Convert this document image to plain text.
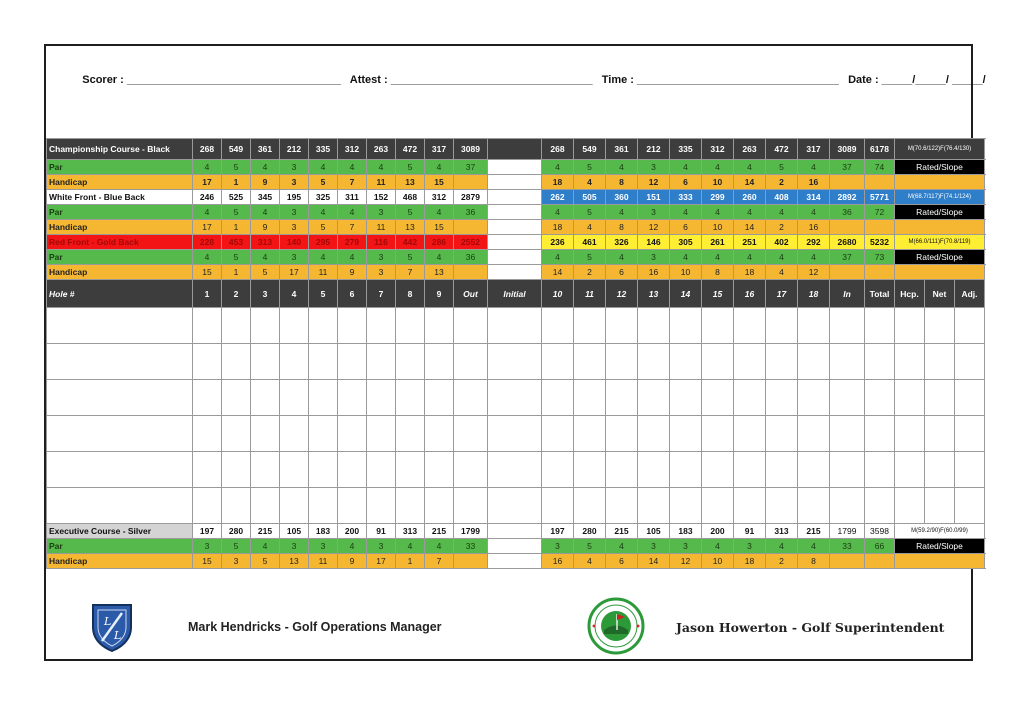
Scorer : ___________________________________ Attest : _________________________________ Time : _________________________________ Date : _____/_____/ _____/

Championship Course - Black	268	549	361	212	335	312	263	472	317	3089		268	549	361	212	335	312	263	472	317	3089	6178	M(70.6/122)F(76.4/130)		
Par	4	5	4	3	4	4	4	5	4	37		4	5	4	3	4	4	4	5	4	37	74	Rated/Slope		
Handicap	17	1	9	3	5	7	11	13	15			18	4	8	12	6	10	14	2	16					
White Front - Blue Back	246	525	345	195	325	311	152	468	312	2879		262	505	360	151	333	299	260	408	314	2892	5771	M(68.7/117)F(74.1/124)		
Par	4	5	4	3	4	4	3	5	4	36		4	5	4	3	4	4	4	4	4	36	72	Rated/Slope		
Handicap	17	1	9	3	5	7	11	13	15			18	4	8	12	6	10	14	2	16					
Red Front - Gold Back	228	453	313	140	295	279	116	442	286	2552		236	461	326	146	305	261	251	402	292	2680	5232	M(66.0/111)F(70.8/119)		
Par	4	5	4	3	4	4	3	5	4	36		4	5	4	3	4	4	4	4	4	37	73	Rated/Slope		
Handicap	15	1	5	17	11	9	3	7	13			14	2	6	16	10	8	18	4	12					
Hole #	1	2	3	4	5	6	7	8	9	Out	Initial	10	11	12	13	14	15	16	17	18	In	Total	Hcp.	Net	Adj.

Executive Course - Silver	197	280	215	105	183	200	91	313	215	1799		197	280	215	105	183	200	91	313	215	1799	3598	M(59.2/90)F(60.0/99)		
Par	3	5	4	3	3	4	3	4	4	33		3	5	4	3	3	4	3	4	4	33	66	Rated/Slope		
Handicap	15	3	5	13	11	9	17	1	7			16	4	6	14	12	10	18	2	8					
L
L
Mark Hendricks - Golf Operations Manager	Jason Howerton - Golf Superintendent
